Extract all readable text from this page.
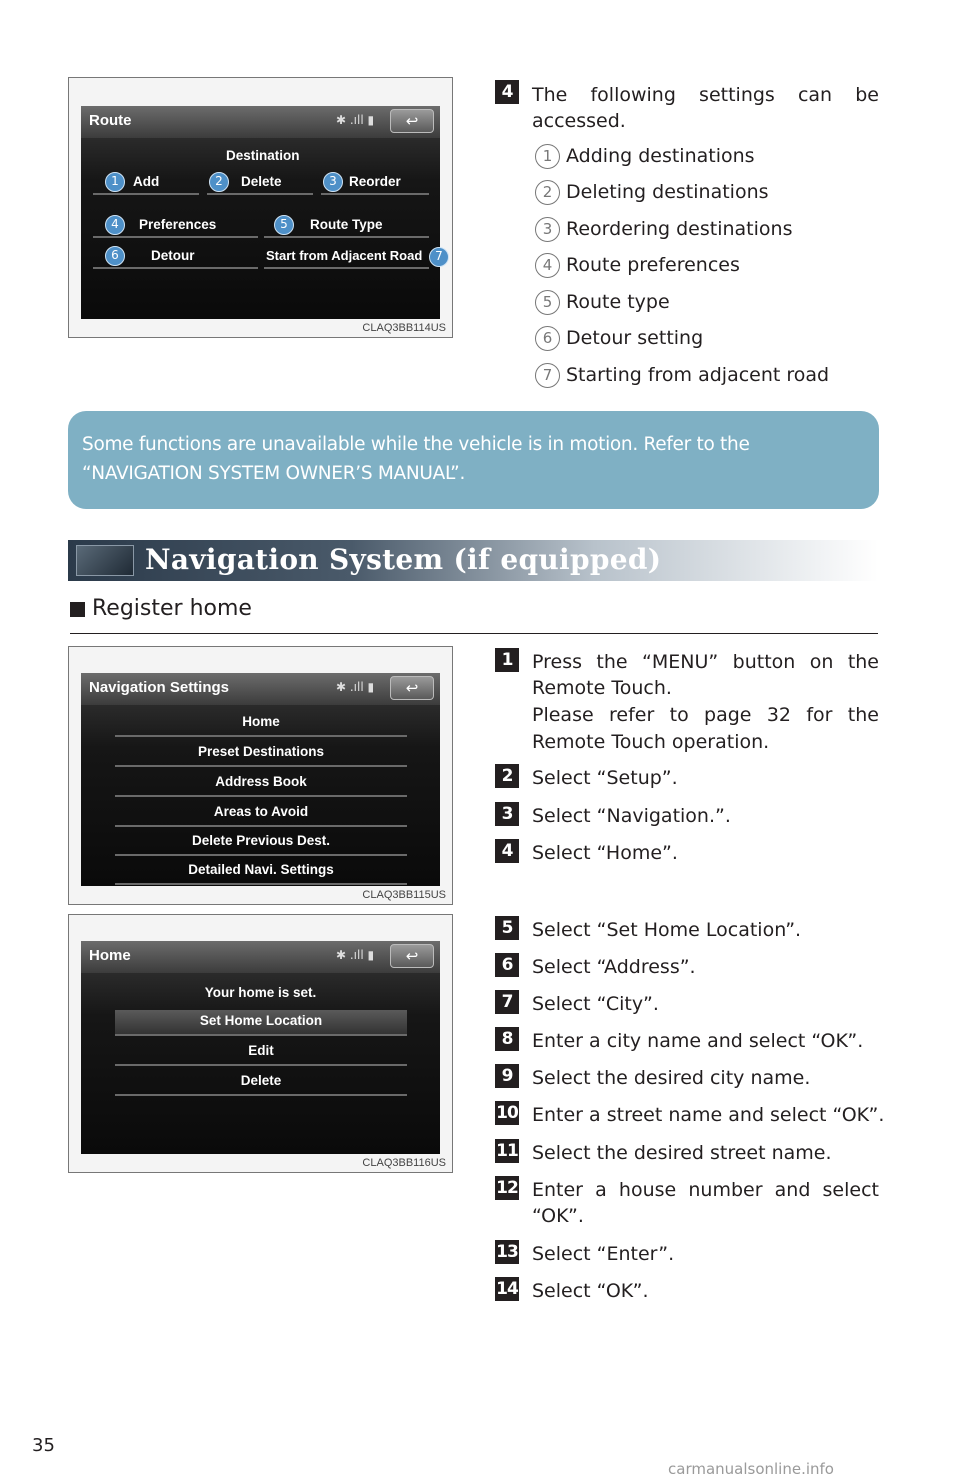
Route	✱ .ıll ▮	↩
Destination
1	Add	2	Delete	3 Reorder
4	Preferences	5	Route Type
6	Detour	Start from Adjacent Road	7
CLAQ3BB114US
4	The following settings can be
accessed.
1 Adding destinations
2 Deleting destinations
3 Reordering destinations
4 Route preferences
5 Route type
6 Detour setting
7 Starting from adjacent road
Some functions are unavailable while the vehicle is in motion. Refer to the “NAVIGATION SYSTEM OWNER’S MANUAL”.
Navigation System (if equipped)
Register home
Navigation Settings	✱ .ıll ▮	↩
Home
Preset Destinations
Address Book
Areas to Avoid
Delete Previous Dest.
Detailed Navi. Settings
CLAQ3BB115US
Home	✱ .ıll ▮	↩
Your home is set.
Set Home Location
Edit
Delete
CLAQ3BB116US
1	Press the “MENU” button on the
Remote Touch.
Please refer to page 32 for the
Remote Touch operation.
2	Select “Setup”.
3	Select “Navigation.”.
4	Select “Home”.
5	Select “Set Home Location”.
6	Select “Address”.
7	Select “City”.
8	Enter a city name and select “OK”.
9	Select the desired city name.
10 Enter a street name and select “OK”.
11 Select the desired street name.
12 Enter a house number and select
“OK”.
13 Select “Enter”.
14 Select “OK”.
35
carmanualsonline.info
